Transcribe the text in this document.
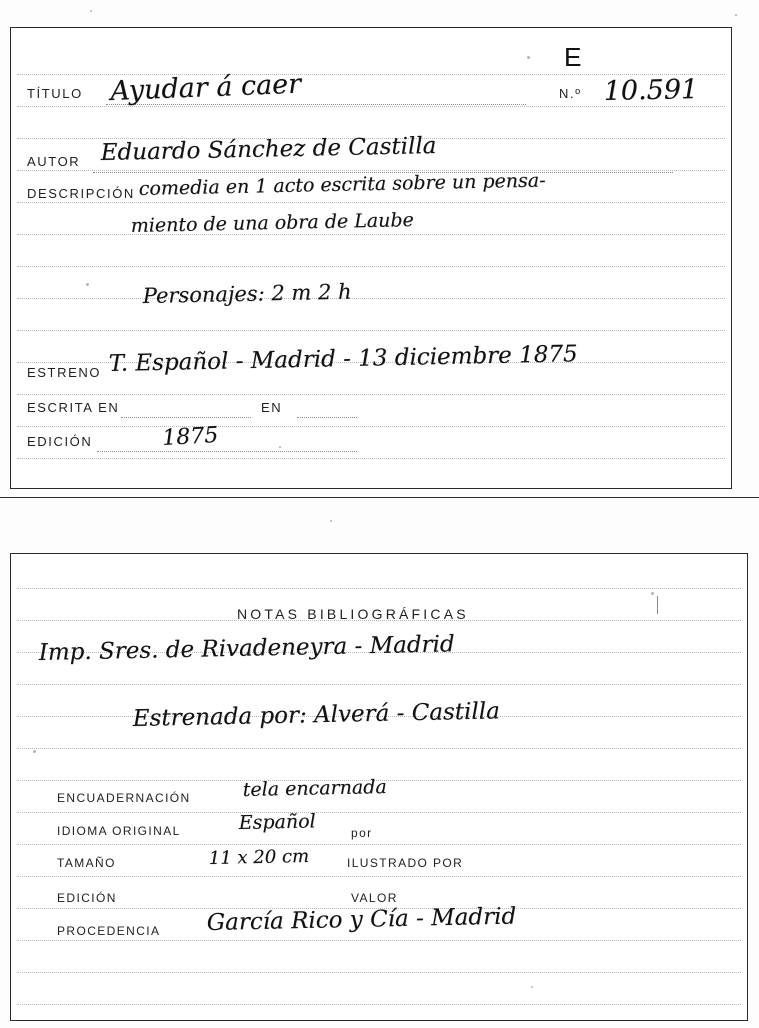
E
TÍTULO Ayudar á caer	N.º 10.591
AUTOR Eduardo Sánchez de Castilla
DESCRIPCIÓN comedia en 1 acto escrita sobre un pensa-
miento de una obra de Laube
Personajes: 2 m 2 h
ESTRENO T. Español - Madrid - 13 diciembre 1875
ESCRITA EN	EN
EDICIÓN	1875
NOTAS BIBLIOGRÁFICAS
Imp. Sres. de Rivadeneyra - Madrid
Estrenada por: Alverá - Castilla
ENCUADERNACIÓN	tela encarnada
IDIOMA ORIGINAL	Español	por
TAMAÑO	11 x 20 cm	ILUSTRADO POR
EDICIÓN	VALOR
PROCEDENCIA García Rico y Cía - Madrid
